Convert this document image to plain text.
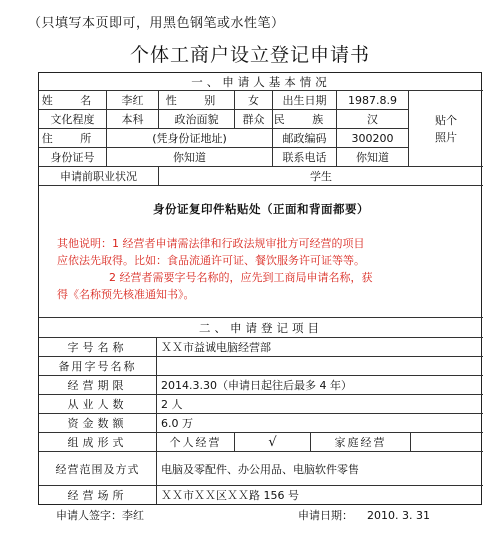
（只填写本页即可，用黑色钢笔或水性笔）
个体工商户设立登记申请书
一、申请人基本情况
姓 名	李红	性 别	女	出生日期	1987.8.9
贴个
照片
文化程度	本科	政治面貌	群众 民 族	汉
住 所	(凭身份证地址)	邮政编码	300200
身份证号	你知道	联系电话	你知道
申请前职业状况	学生
身份证复印件粘贴处（正面和背面都要）

其他说明：1 经营者申请需法律和行政法规审批方可经营的项目

应依法先取得。比如：食品流通许可证、餐饮服务许可证等等。

2 经营者需要字号名称的，应先到工商局申请名称，获

得《名称预先核准通知书》。

二、申请登记项目
字号名称	ＸＸ市益诚电脑经营部
备用字号名称
经营期限	2014.3.30（申请日起往后最多 4 年）
从业人数	2 人
资金数额	6.0 万
组成形式	个人经营	√	家庭经营
经营范围及方式	电脑及零配件、办公用品、电脑软件零售
经营场所	ＸＸ市ＸＸ区ＸＸ路 156 号
申请人签字：李红	申请日期： 2010. 3. 31
